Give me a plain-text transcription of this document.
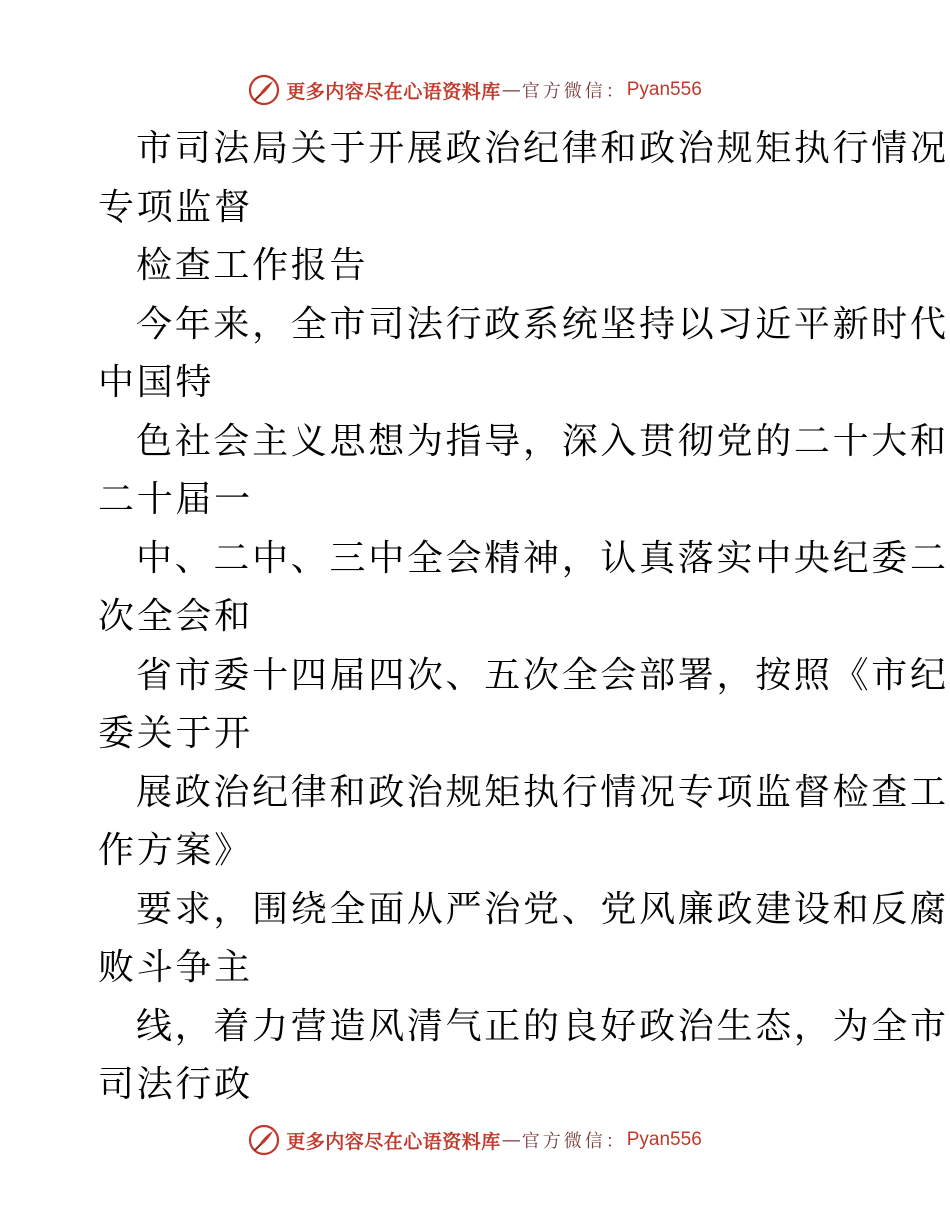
更多内容尽在心语资料库 — 官方微信： Pyan556
市司法局关于开展政治纪律和政治规矩执行情况
专项监督
检查工作报告
今年来，全市司法行政系统坚持以习近平新时代
中国特
色社会主义思想为指导，深入贯彻党的二十大和
二十届一
中、二中、三中全会精神，认真落实中央纪委二
次全会和
省市委十四届四次、五次全会部署，按照《市纪
委关于开
展政治纪律和政治规矩执行情况专项监督检查工
作方案》
要求，围绕全面从严治党、党风廉政建设和反腐
败斗争主
线，着力营造风清气正的良好政治生态，为全市
司法行政
更多内容尽在心语资料库 — 官方微信： Pyan556
